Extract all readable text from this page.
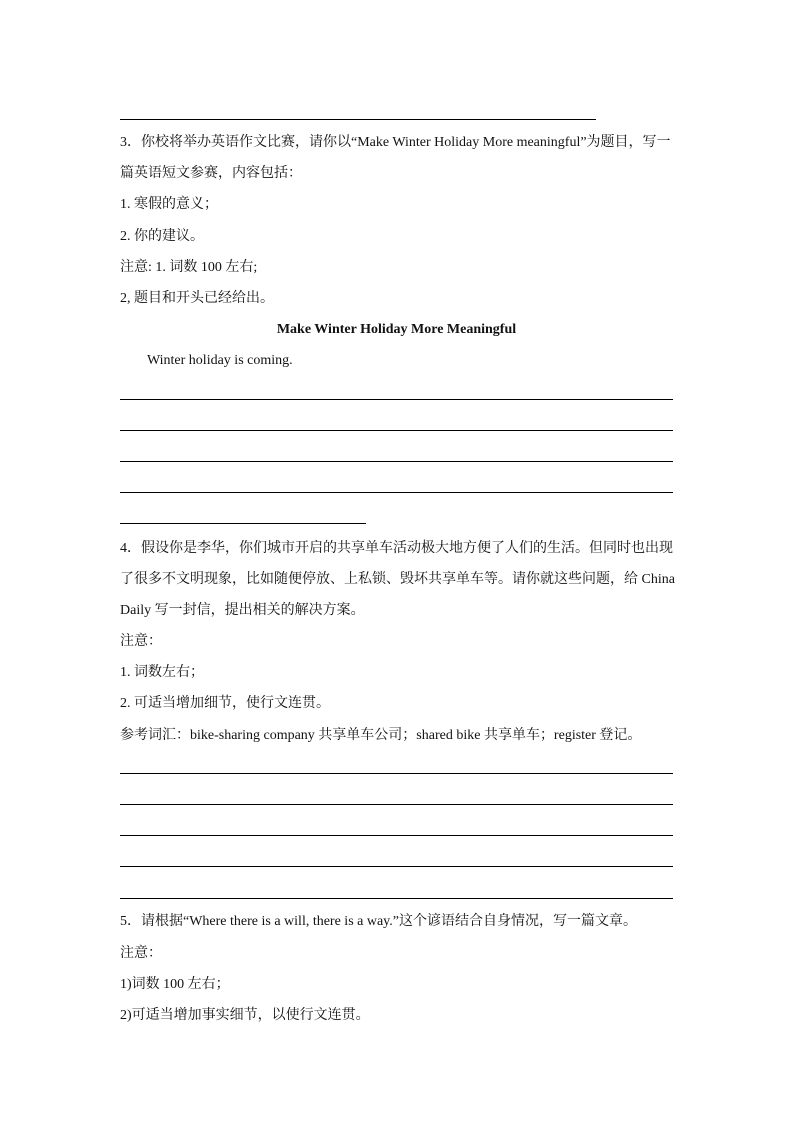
3．你校将举办英语作文比赛，请你以“Make Winter Holiday More meaningful”为题目，写一
篇英语短文参赛，内容包括：
1. 寒假的意义；
2. 你的建议。
注意: 1. 词数 100 左右;
2, 题目和开头已经给出。
Make Winter Holiday More Meaningful
Winter holiday is coming.
4．假设你是李华，你们城市开启的共享单车活动极大地方便了人们的生活。但同时也出现
了很多不文明现象，比如随便停放、上私锁、毁坏共享单车等。请你就这些问题，给 China
Daily 写一封信，提出相关的解决方案。
注意：
1. 词数左右；
2. 可适当增加细节，使行文连贯。
参考词汇：bike-sharing company 共享单车公司；shared bike 共享单车；register 登记。
5．请根据“Where there is a will, there is a way.”这个谚语结合自身情况，写一篇文章。
注意：
1)词数 100 左右；
2)可适当增加事实细节，以使行文连贯。
